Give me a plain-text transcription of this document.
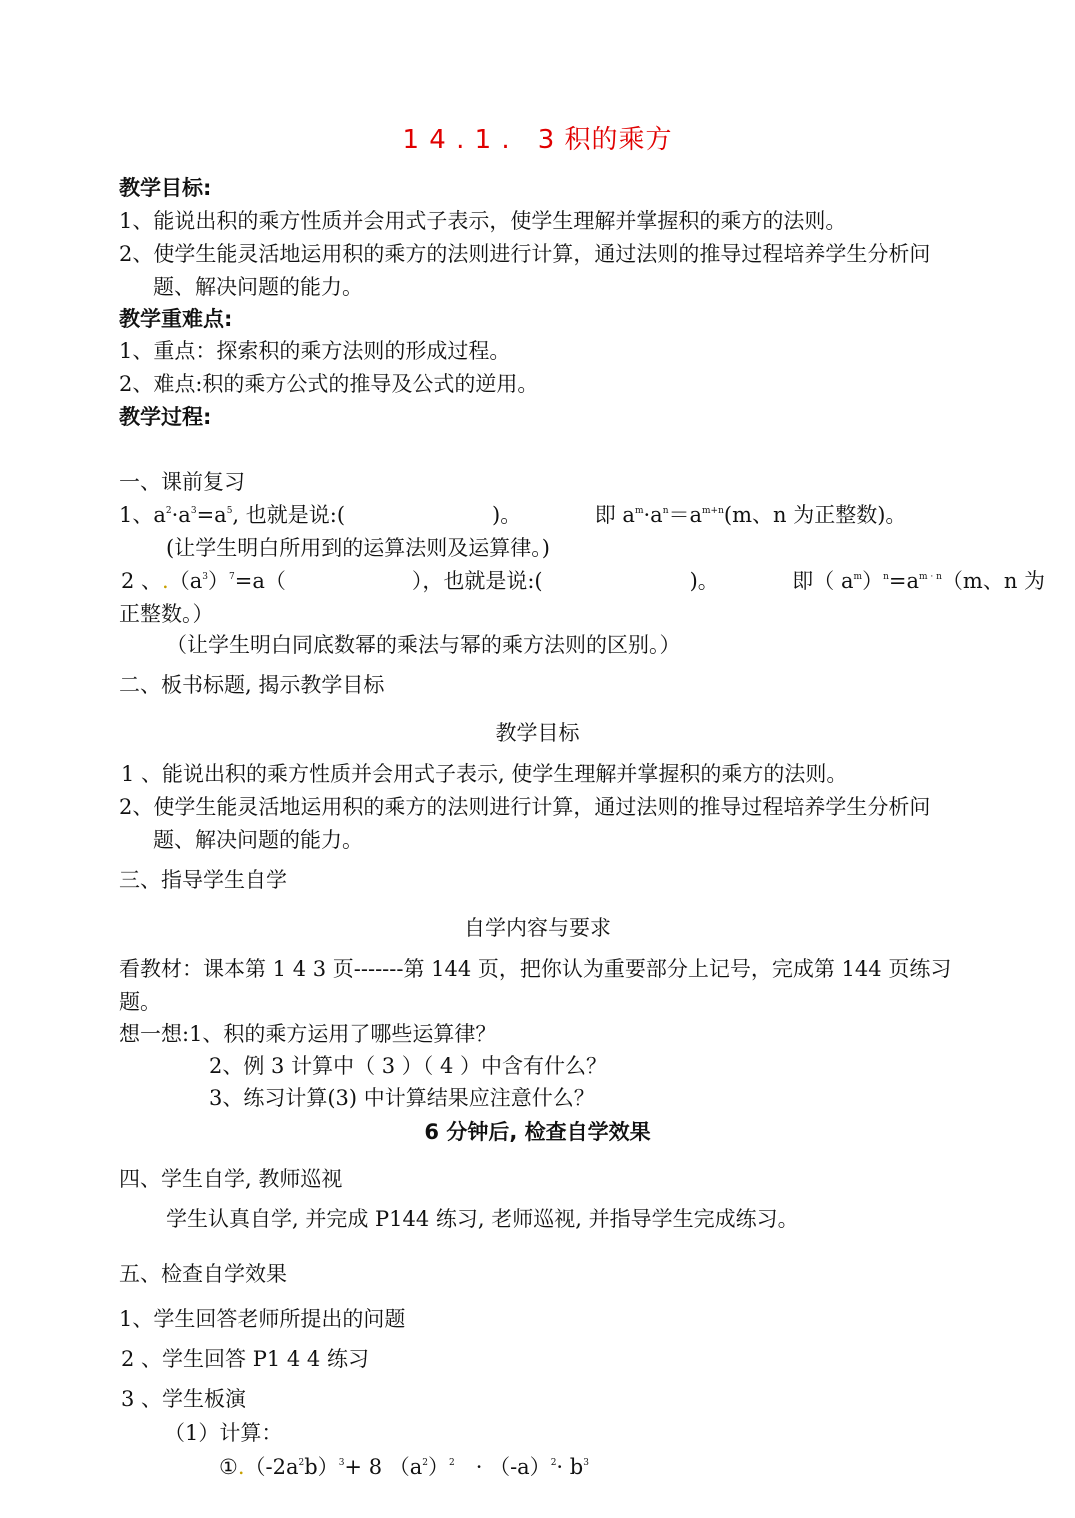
1 4 . 1 .　3 积的乘方
教学目标:
1、能说出积的乘方性质并会用式子表示，使学生理解并掌握积的乘方的法则。
2、使学生能灵活地运用积的乘方的法则进行计算，通过法则的推导过程培养学生分析问
题、解决问题的能力。
教学重难点:
1、重点：探索积的乘方法则的形成过程。
2、难点:积的乘方公式的推导及公式的逆用。
教学过程:
一、课前复习
1、$a^2\cdot a^3=a^5$, 也就是说:(　　　　　　　)。　　　　即 $a^m\cdot a^n=a^{m+n}(m$、n 为正整数)。
(让学生明白所用到的运算法则及运算律。)
2 、$.(a^3)^7=a$（　　　　　　），也就是说:(　　　　　　　)。　　　　即（ $a^m)^n=a^{m \cdot n}(m$、n 为
正整数。）
（让学生明白同底数幂的乘法与幂的乘方法则的区别。）
二、板书标题, 揭示教学目标
教学目标
1 、能说出积的乘方性质并会用式子表示, 使学生理解并掌握积的乘方的法则。
2、使学生能灵活地运用积的乘方的法则进行计算，通过法则的推导过程培养学生分析问
题、解决问题的能力。
三、指导学生自学
自学内容与要求
看教材：课本第 1 4 3 页-------第 144 页，把你认为重要部分上记号，完成第 144 页练习
题。
想一想:1、积的乘方运用了哪些运算律？
2、例 3 计算中（ 3 ）（ 4 ）中含有什么？
3、练习计算(3) 中计算结果应注意什么？
6 分钟后, 检查自学效果
四、学生自学, 教师巡视
学生认真自学, 并完成 P144 练习, 老师巡视, 并指导学生完成练习。
五、检查自学效果
1、学生回答老师所提出的问题
2 、学生回答 P1 4 4 练习
3 、学生板演
（1）计算：
$①.(-2a^2b)^3+ 8$ $(a^2)^2$　· $(-a)^2\cdot b^3$
